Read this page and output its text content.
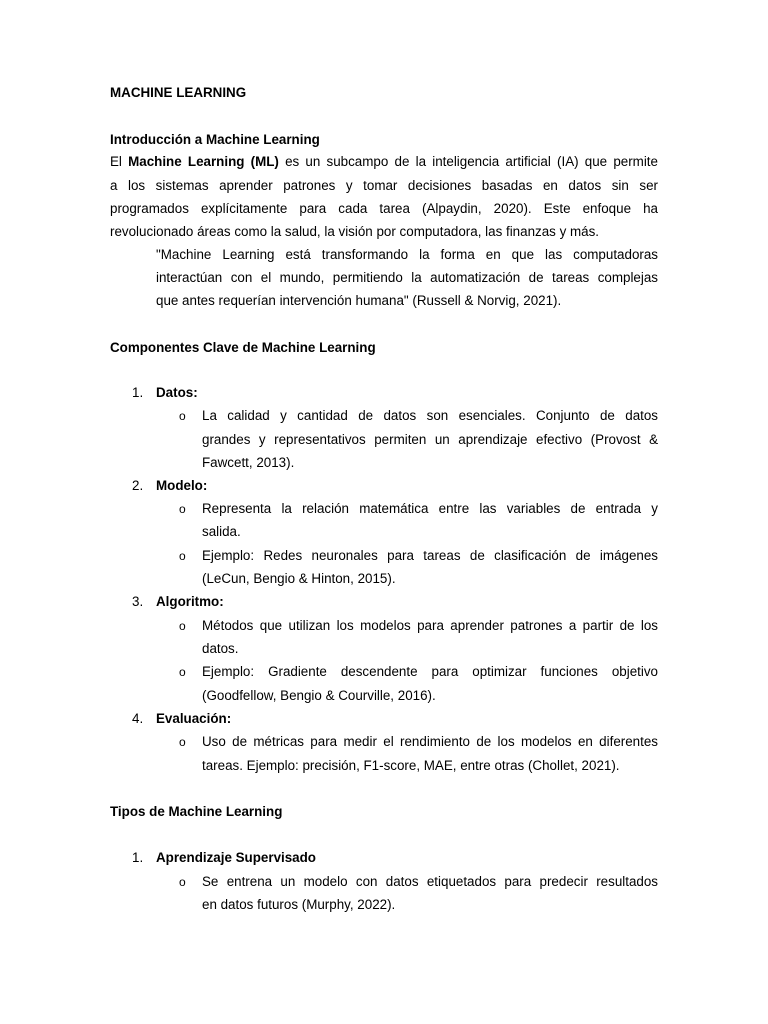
MACHINE LEARNING
Introducción a Machine Learning
El Machine Learning (ML) es un subcampo de la inteligencia artificial (IA) que permite
a los sistemas aprender patrones y tomar decisiones basadas en datos sin ser
programados explícitamente para cada tarea (Alpaydin, 2020). Este enfoque ha
revolucionado áreas como la salud, la visión por computadora, las finanzas y más.
"Machine Learning está transformando la forma en que las computadoras
interactúan con el mundo, permitiendo la automatización de tareas complejas
que antes requerían intervención humana" (Russell & Norvig, 2021).
Componentes Clave de Machine Learning
1. Datos:
o La calidad y cantidad de datos son esenciales. Conjunto de datos
grandes y representativos permiten un aprendizaje efectivo (Provost &
Fawcett, 2013).
2. Modelo:
o Representa la relación matemática entre las variables de entrada y
salida.
o Ejemplo: Redes neuronales para tareas de clasificación de imágenes
(LeCun, Bengio & Hinton, 2015).
3. Algoritmo:
o Métodos que utilizan los modelos para aprender patrones a partir de los
datos.
o Ejemplo: Gradiente descendente para optimizar funciones objetivo
(Goodfellow, Bengio & Courville, 2016).
4. Evaluación:
o Uso de métricas para medir el rendimiento de los modelos en diferentes
tareas. Ejemplo: precisión, F1-score, MAE, entre otras (Chollet, 2021).
Tipos de Machine Learning
1. Aprendizaje Supervisado
o Se entrena un modelo con datos etiquetados para predecir resultados
en datos futuros (Murphy, 2022).
